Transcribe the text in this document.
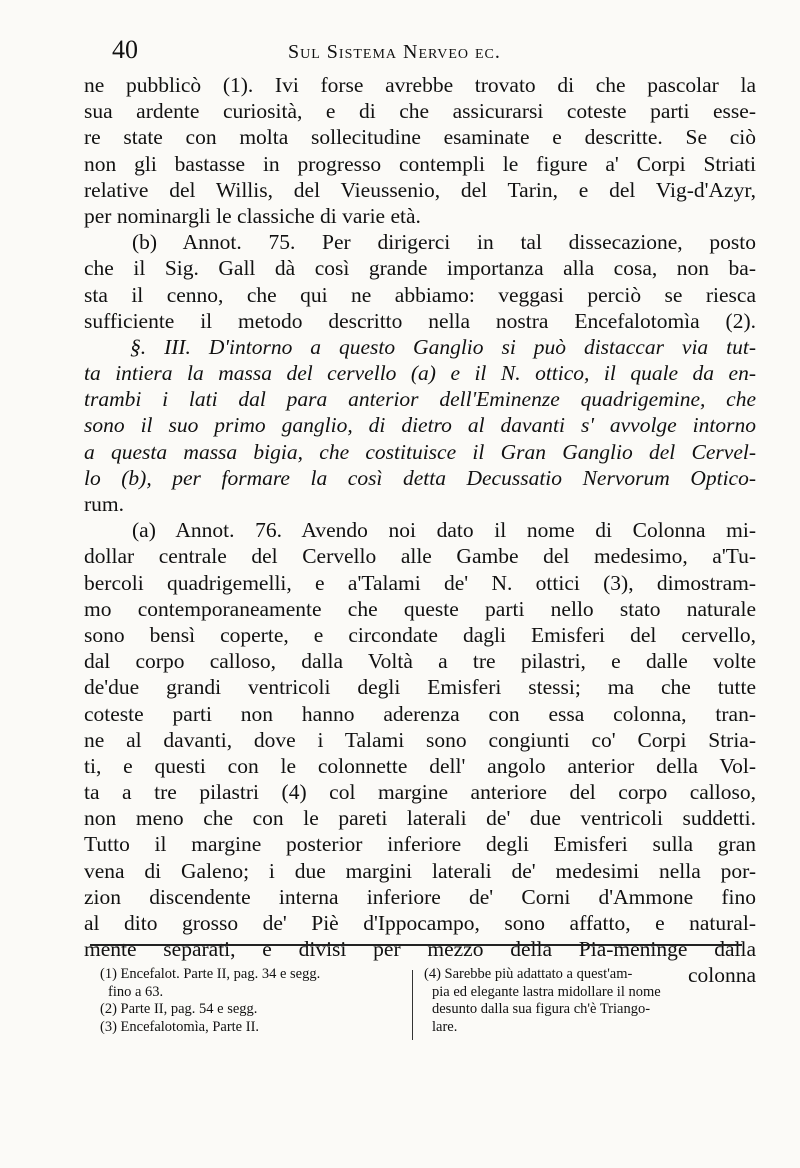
40	Sul Sistema Nerveo ec.
ne pubblicò (1). Ivi forse avrebbe trovato di che pascolar la
sua ardente curiosità, e di che assicurarsi coteste parti esse-
re state con molta sollecitudine esaminate e descritte. Se ciò
non gli bastasse in progresso contempli le figure a' Corpi Striati
relative del Willis, del Vieussenio, del Tarin, e del Vig-d'Azyr,
per nominargli le classiche di varie età.
(b) Annot. 75. Per dirigerci in tal dissecazione, posto
che il Sig. Gall dà così grande importanza alla cosa, non ba-
sta il cenno, che qui ne abbiamo: veggasi perciò se riesca
sufficiente il metodo descritto nella nostra Encefalotomìa (2).
§. III. D'intorno a questo Ganglio si può distaccar via tut-
ta intiera la massa del cervello (a) e il N. ottico, il quale da en-
trambi i lati dal para anterior dell'Eminenze quadrigemine, che
sono il suo primo ganglio, di dietro al davanti s' avvolge intorno
a questa massa bigia, che costituisce il Gran Ganglio del Cervel-
lo (b), per formare la così detta Decussatio Nervorum Optico-
rum.
(a) Annot. 76. Avendo noi dato il nome di Colonna mi-
dollar centrale del Cervello alle Gambe del medesimo, a'Tu-
bercoli quadrigemelli, e a'Talami de' N. ottici (3), dimostram-
mo contemporaneamente che queste parti nello stato naturale
sono bensì coperte, e circondate dagli Emisferi del cervello,
dal corpo calloso, dalla Voltà a tre pilastri, e dalle volte
de'due grandi ventricoli degli Emisferi stessi; ma che tutte
coteste parti non hanno aderenza con essa colonna, tran-
ne al davanti, dove i Talami sono congiunti co' Corpi Stria-
ti, e questi con le colonnette dell' angolo anterior della Vol-
ta a tre pilastri (4) col margine anteriore del corpo calloso,
non meno che con le pareti laterali de' due ventricoli suddetti.
Tutto il margine posterior inferiore degli Emisferi sulla gran
vena di Galeno; i due margini laterali de' medesimi nella por-
zion discendente interna inferiore de' Corni d'Ammone fino
al dito grosso de' Piè d'Ippocampo, sono affatto, e natural-
mente separati, e divisi per mezzo della Pia-meninge dalla
colonna
(1) Encefalot. Parte II, pag. 34 e segg.
fino a 63.
(2) Parte II, pag. 54 e segg.
(3) Encefalotomìa, Parte II.
(4) Sarebbe più adattato a quest'am-
pia ed elegante lastra midollare il nome
desunto dalla sua figura ch'è Triango-
lare.
